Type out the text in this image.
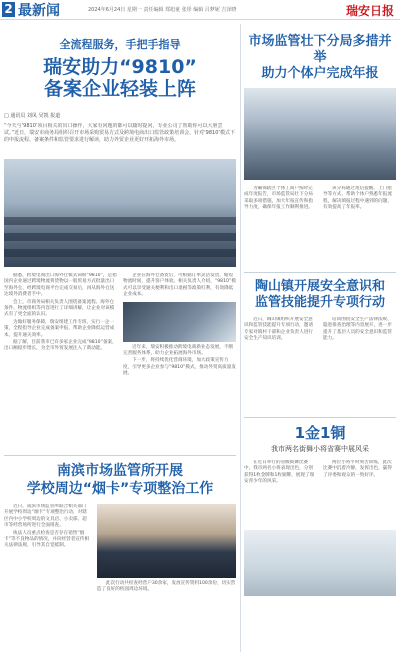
2 最新闻	2024年6月24日 星期一 责任编辑 郑旭童 张彤 编辑 吕梦妮 吉泽晓	瑞安日报
全流程服务，手把手指导
瑞安助力“9810”
备案企业轻装上阵
□ 通讯员 刘凤 吴凯 报道
“今天与‘9810’项目相关的出口操作，大家有问题的都可以随时提问，专业公司了帮助你可以大胆尝试。”近日，瑞安市商务局组织召开市场采购贸易方式及跨境电商出口监管政策培训会，针对‘9810’模式下的申报流程、备案条件和监管要求进行解读，助力外贸企业更好开拓海外市场。

据悉，跨境电商出口海外仓模式简称“9810”，是指国内企业通过跨境物流将货物以一般贸易方式批量出口至海外仓，经跨境电商平台完成交易后，再从海外仓送达境外消费者手中。

会上，市商务局相关负责人围绕备案流程、海外仓条件、物流组织等内容进行了详细讲解，让企业对该模式有了更全面的认识。

为做好服务保障，瑞安组建工作专班，实行一企一策，全程指导企业完成备案申报，帮助企业降低运营成本，提升通关效率。

据了解，目前我市已有多家企业完成“9810”备案，出口额稳步增长，为全市外贸发展注入了新动能。

企业在海外仓备货后，可根据订单灵活发货，缩短物流时间，提升客户体验。相关负责人介绍，“9810”模式可以享受通关便利和出口退税等政策红利，有效降低企业成本。

近年来，瑞安积极推动跨境电商新业态发展，不断完善服务体系，助力企业拓展海外市场。

下一步，将持续优化营商环境，加大政策宣传力度，引导更多企业参与“9810”模式，推动外贸高质量发展。

南滨市场监管所开展
学校周边“烟卡”专项整治工作

近日，南滨市场监管所联合相关部门开展学校周边“烟卡”专项整治行动，对辖区内中小学校周边的文具店、小卖部、超市等经营场所进行全面排查。

执法人员重点检查是否存在销售“烟卡”等不良物品的情况，并向经营者宣传相关法律法规，引导其自觉抵制。

此次行动共检查经营户30余家，发放宣传资料100余份，切实营造了良好的校园周边环境。

市场监管壮下分局多措并举
助力个体户完成年报

为确保辖区个体工商户按时完成年度报告，市场监管局壮下分局采取多项措施，加大年报宣传和指导力度，确保年报工作顺利推进。

该分局通过短信提醒、上门指导等方式，帮助个体户熟悉年报流程，解决填报过程中遇到的问题，有效提高了年报率。

陶山镇开展安全意识和
监管技能提升专项行动

近日，陶山镇组织开展安全意识和监管技能提升专项行动，邀请专家对镇村干部和企业负责人进行安全生产知识培训。

培训围绕安全生产法律法规、隐患排查治理等内容展开，进一步提升了基层人员的安全意识和监管能力。

1金1铜
我市两名街舞小将省赛中展风采

在近日举行的省级街舞比赛中，我市两名小将表现出色，分别获得1枚金牌和1枚铜牌，展现了瑞安青少年的风采。

两位小将平时刻苦训练，此次比赛中沉着冷静，发挥出色，赢得了评委和观众的一致好评。
